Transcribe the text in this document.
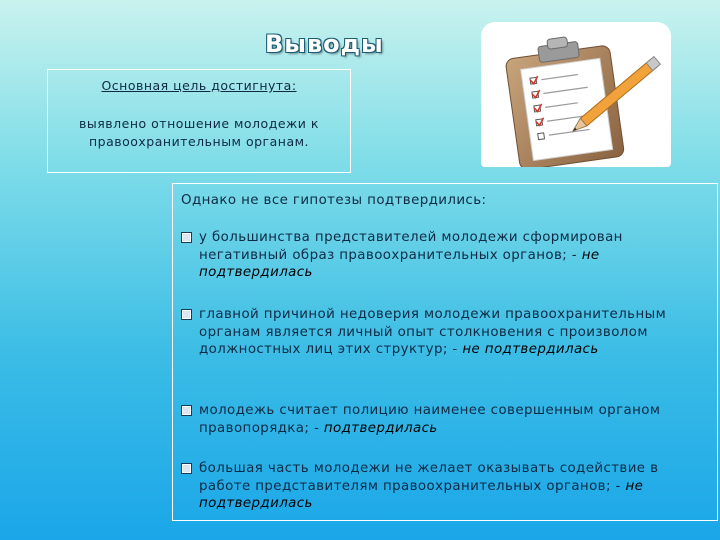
Выводы
Основная цель достигнута:
выявлено отношение молодежи к правоохранительным органам.
Однако не все гипотезы подтвердились:
у большинства представителей молодежи сформирован негативный образ правоохранительных органов; - не подтвердилась
главной причиной недоверия молодежи правоохранительным органам является личный опыт столкновения с произволом должностных лиц этих структур; - не подтвердилась
молодежь считает полицию наименее совершенным органом правопорядка; - подтвердилась
большая часть молодежи не желает оказывать содействие в работе представителям правоохранительных органов; - не подтвердилась
